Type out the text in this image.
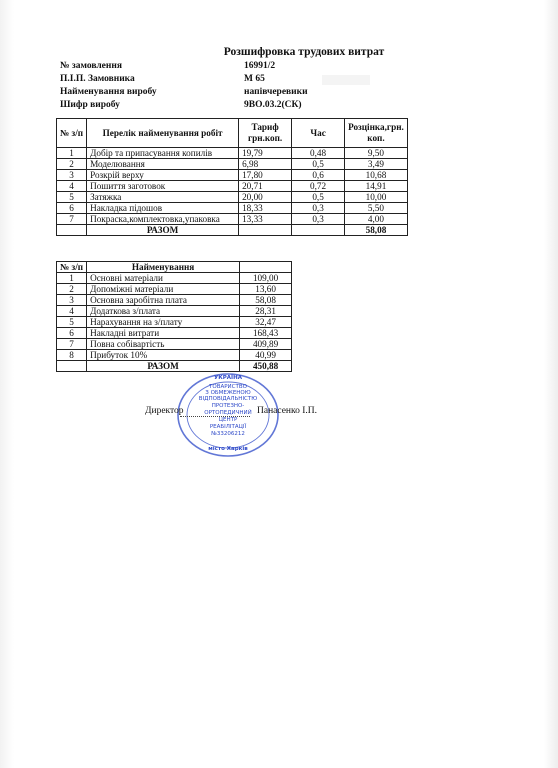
Розшифровка трудових витрат
№ замовлення	16991/2
П.І.П. Замовника	М 65
Найменування виробу	напівчеревики
Шифр виробу	9ВО.03.2(СК)
№ з/п	Перелік найменування робіт	Тариф грн.коп.	Час	Розцінка,грн. коп.
1	Добір та припасування копилів	19,79	0,48	9,50
2	Моделювання	6,98	0,5	3,49
3	Розкрій верху	17,80	0,6	10,68
4	Пошиття заготовок	20,71	0,72	14,91
5	Затяжка	20,00	0,5	10,00
6	Накладка підошов	18,33	0,3	5,50
7	Покраска,комплектовка,упаковка	13,33	0,3	4,00
	РАЗОМ			58,08
№ з/п	Найменування	
1	Основні матеріали	109,00
2	Допоміжні матеріали	13,60
3	Основна заробітна плата	58,08
4	Додаткова з/плата	28,31
5	Нарахування на з/плату	32,47
6	Накладні витрати	168,43
7	Повна собівартість	409,89
8	Прибуток 10%	40,99
	РАЗОМ	450,88
УКРАЇНА
ТОВАРИСТВО
З ОБМЕЖЕНОЮ
ВІДПОВІДАЛЬНІСТЮ
ПРОТЕЗНО-
ОРТОПЕДИЧНИЙ
ЦЕНТР
РЕАБІЛІТАЦІЇ
№33206212
місто Харків
Директор	Панасенко І.П.
